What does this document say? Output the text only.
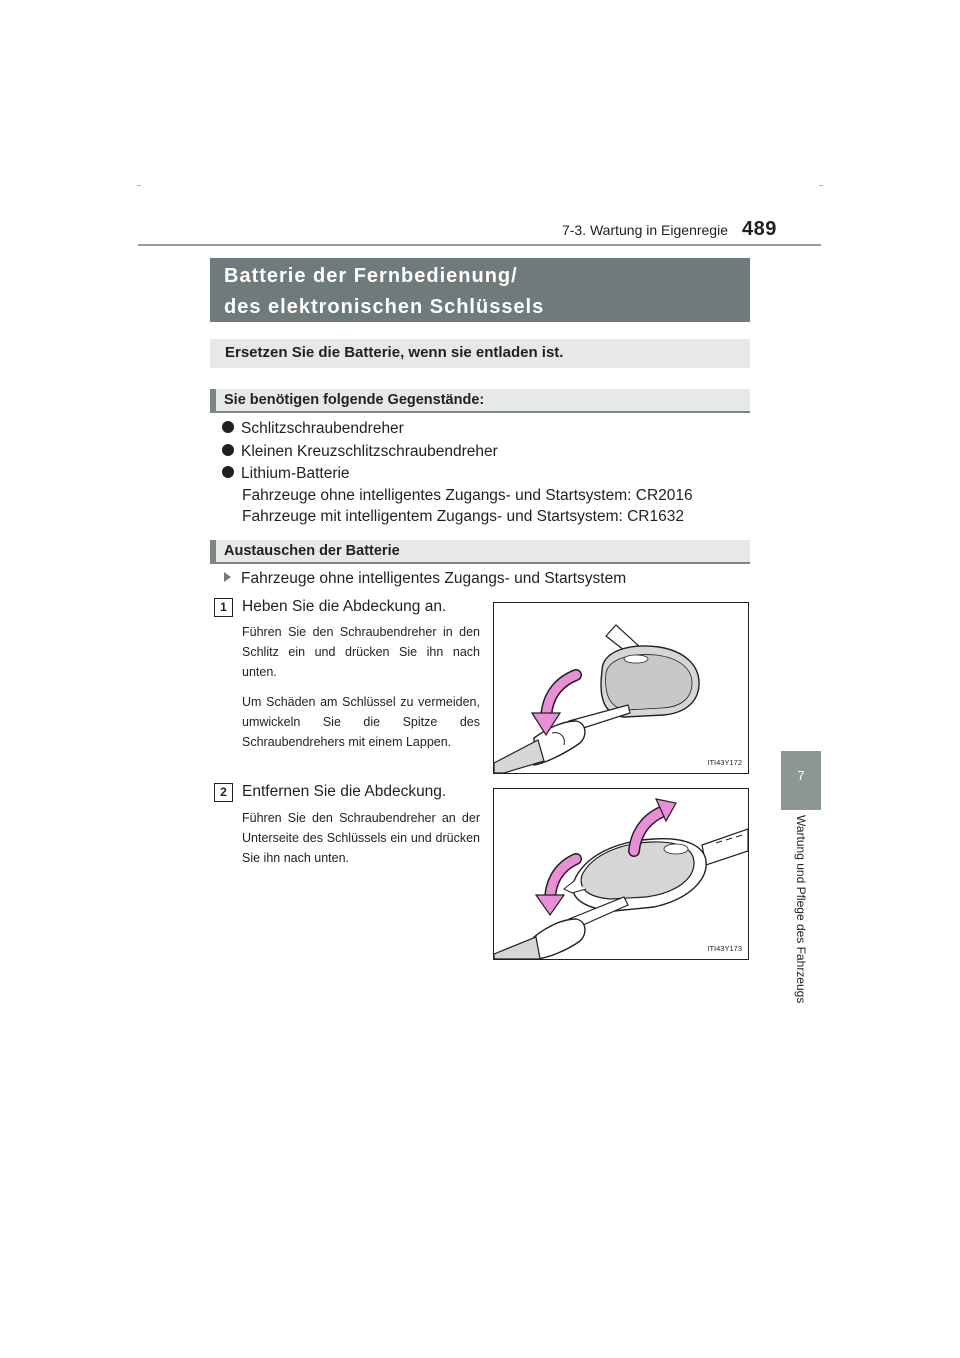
7-3. Wartung in Eigenregie 489
7
Wartung und Pflege des Fahrzeugs
Batterie der Fernbedienung/
des elektronischen Schlüssels
Ersetzen Sie die Batterie, wenn sie entladen ist.
Sie benötigen folgende Gegenstände:
Schlitzschraubendreher
Kleinen Kreuzschlitzschraubendreher
Lithium-Batterie
Fahrzeuge ohne intelligentes Zugangs- und Startsystem: CR2016
Fahrzeuge mit intelligentem Zugangs- und Startsystem: CR1632
Austauschen der Batterie
Fahrzeuge ohne intelligentes Zugangs- und Startsystem
1 Heben Sie die Abdeckung an.

Führen Sie den Schraubendreher in den Schlitz ein und drücken Sie ihn nach unten.

Um Schäden am Schlüssel zu vermeiden, umwickeln Sie die Spitze des Schraubendrehers mit einem Lappen.

ITI43Y172
2 Entfernen Sie die Abdeckung.

Führen Sie den Schraubendreher an der Unterseite des Schlüssels ein und drücken Sie ihn nach unten.

ITI43Y173
